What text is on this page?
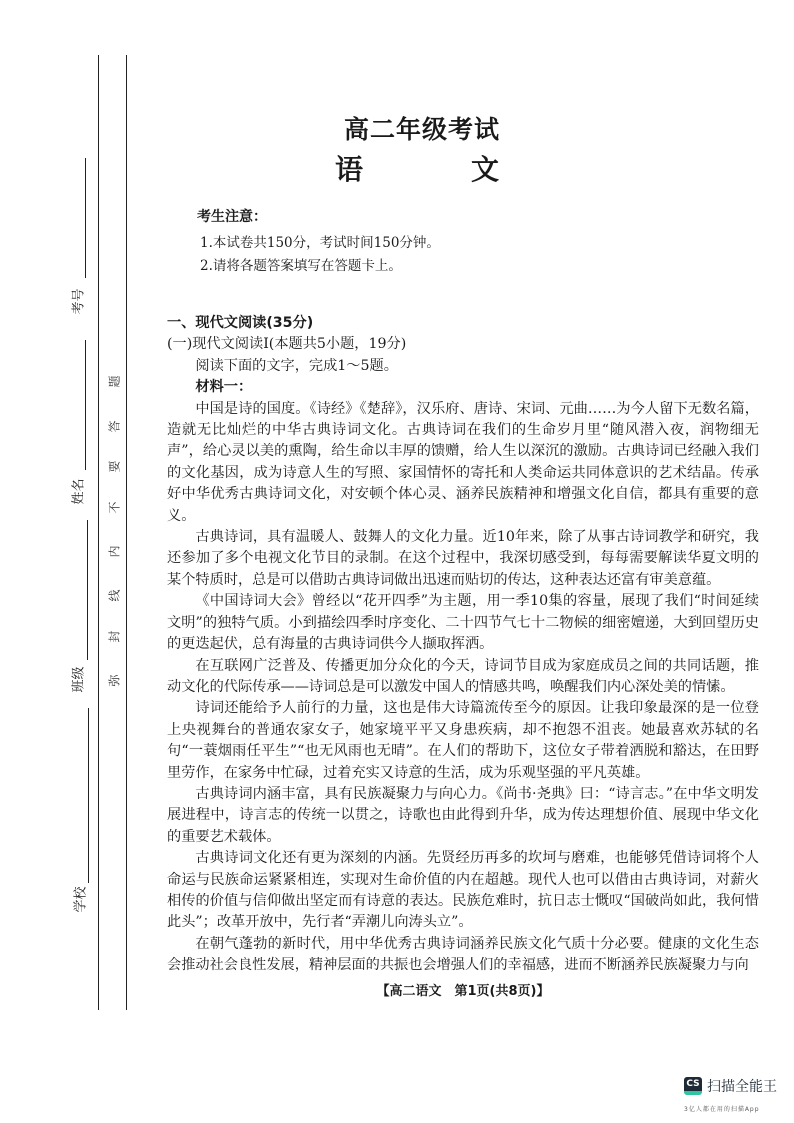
考号
姓名
班级
学校
弥
封
线
内
不
要
答
题
高二年级考试
语　文
考生注意：
1.本试卷共150分，考试时间150分钟。
2.请将各题答案填写在答题卡上。

一、现代文阅读(35分)

(一)现代文阅读Ⅰ(本题共5小题，19分)

阅读下面的文字，完成1～5题。

材料一：

中国是诗的国度。《诗经》《楚辞》，汉乐府、唐诗、宋词、元曲……为今人留下无数名篇，造就无比灿烂的中华古典诗词文化。古典诗词在我们的生命岁月里“随风潜入夜，润物细无声”，给心灵以美的熏陶，给生命以丰厚的馈赠，给人生以深沉的激励。古典诗词已经融入我们的文化基因，成为诗意人生的写照、家国情怀的寄托和人类命运共同体意识的艺术结晶。传承好中华优秀古典诗词文化，对安顿个体心灵、涵养民族精神和增强文化自信，都具有重要的意义。

古典诗词，具有温暖人、鼓舞人的文化力量。近10年来，除了从事古诗词教学和研究，我还参加了多个电视文化节目的录制。在这个过程中，我深切感受到，每每需要解读华夏文明的某个特质时，总是可以借助古典诗词做出迅速而贴切的传达，这种表达还富有审美意蕴。

《中国诗词大会》曾经以“花开四季”为主题，用一季10集的容量，展现了我们“时间延续文明”的独特气质。小到描绘四季时序变化、二十四节气七十二物候的细密嬗递，大到回望历史的更迭起伏，总有海量的古典诗词供今人撷取挥洒。

在互联网广泛普及、传播更加分众化的今天，诗词节目成为家庭成员之间的共同话题，推动文化的代际传承——诗词总是可以激发中国人的情感共鸣，唤醒我们内心深处美的情愫。

诗词还能给予人前行的力量，这也是伟大诗篇流传至今的原因。让我印象最深的是一位登上央视舞台的普通农家女子，她家境平平又身患疾病，却不抱怨不沮丧。她最喜欢苏轼的名句“一蓑烟雨任平生”“也无风雨也无晴”。在人们的帮助下，这位女子带着洒脱和豁达，在田野里劳作，在家务中忙碌，过着充实又诗意的生活，成为乐观坚强的平凡英雄。

古典诗词内涵丰富，具有民族凝聚力与向心力。《尚书·尧典》曰：“诗言志。”在中华文明发展进程中，诗言志的传统一以贯之，诗歌也由此得到升华，成为传达理想价值、展现中华文化的重要艺术载体。

古典诗词文化还有更为深刻的内涵。先贤经历再多的坎坷与磨难，也能够凭借诗词将个人命运与民族命运紧紧相连，实现对生命价值的内在超越。现代人也可以借由古典诗词，对薪火相传的价值与信仰做出坚定而有诗意的表达。民族危难时，抗日志士慨叹“国破尚如此，我何惜此头”；改革开放中，先行者“弄潮儿向涛头立”。

在朝气蓬勃的新时代，用中华优秀古典诗词涵养民族文化气质十分必要。健康的文化生态会推动社会良性发展，精神层面的共振也会增强人们的幸福感，进而不断涵养民族凝聚力与向

【高二语文　第1页(共8页)】
CS 扫描全能王
3亿人都在用的扫描App
